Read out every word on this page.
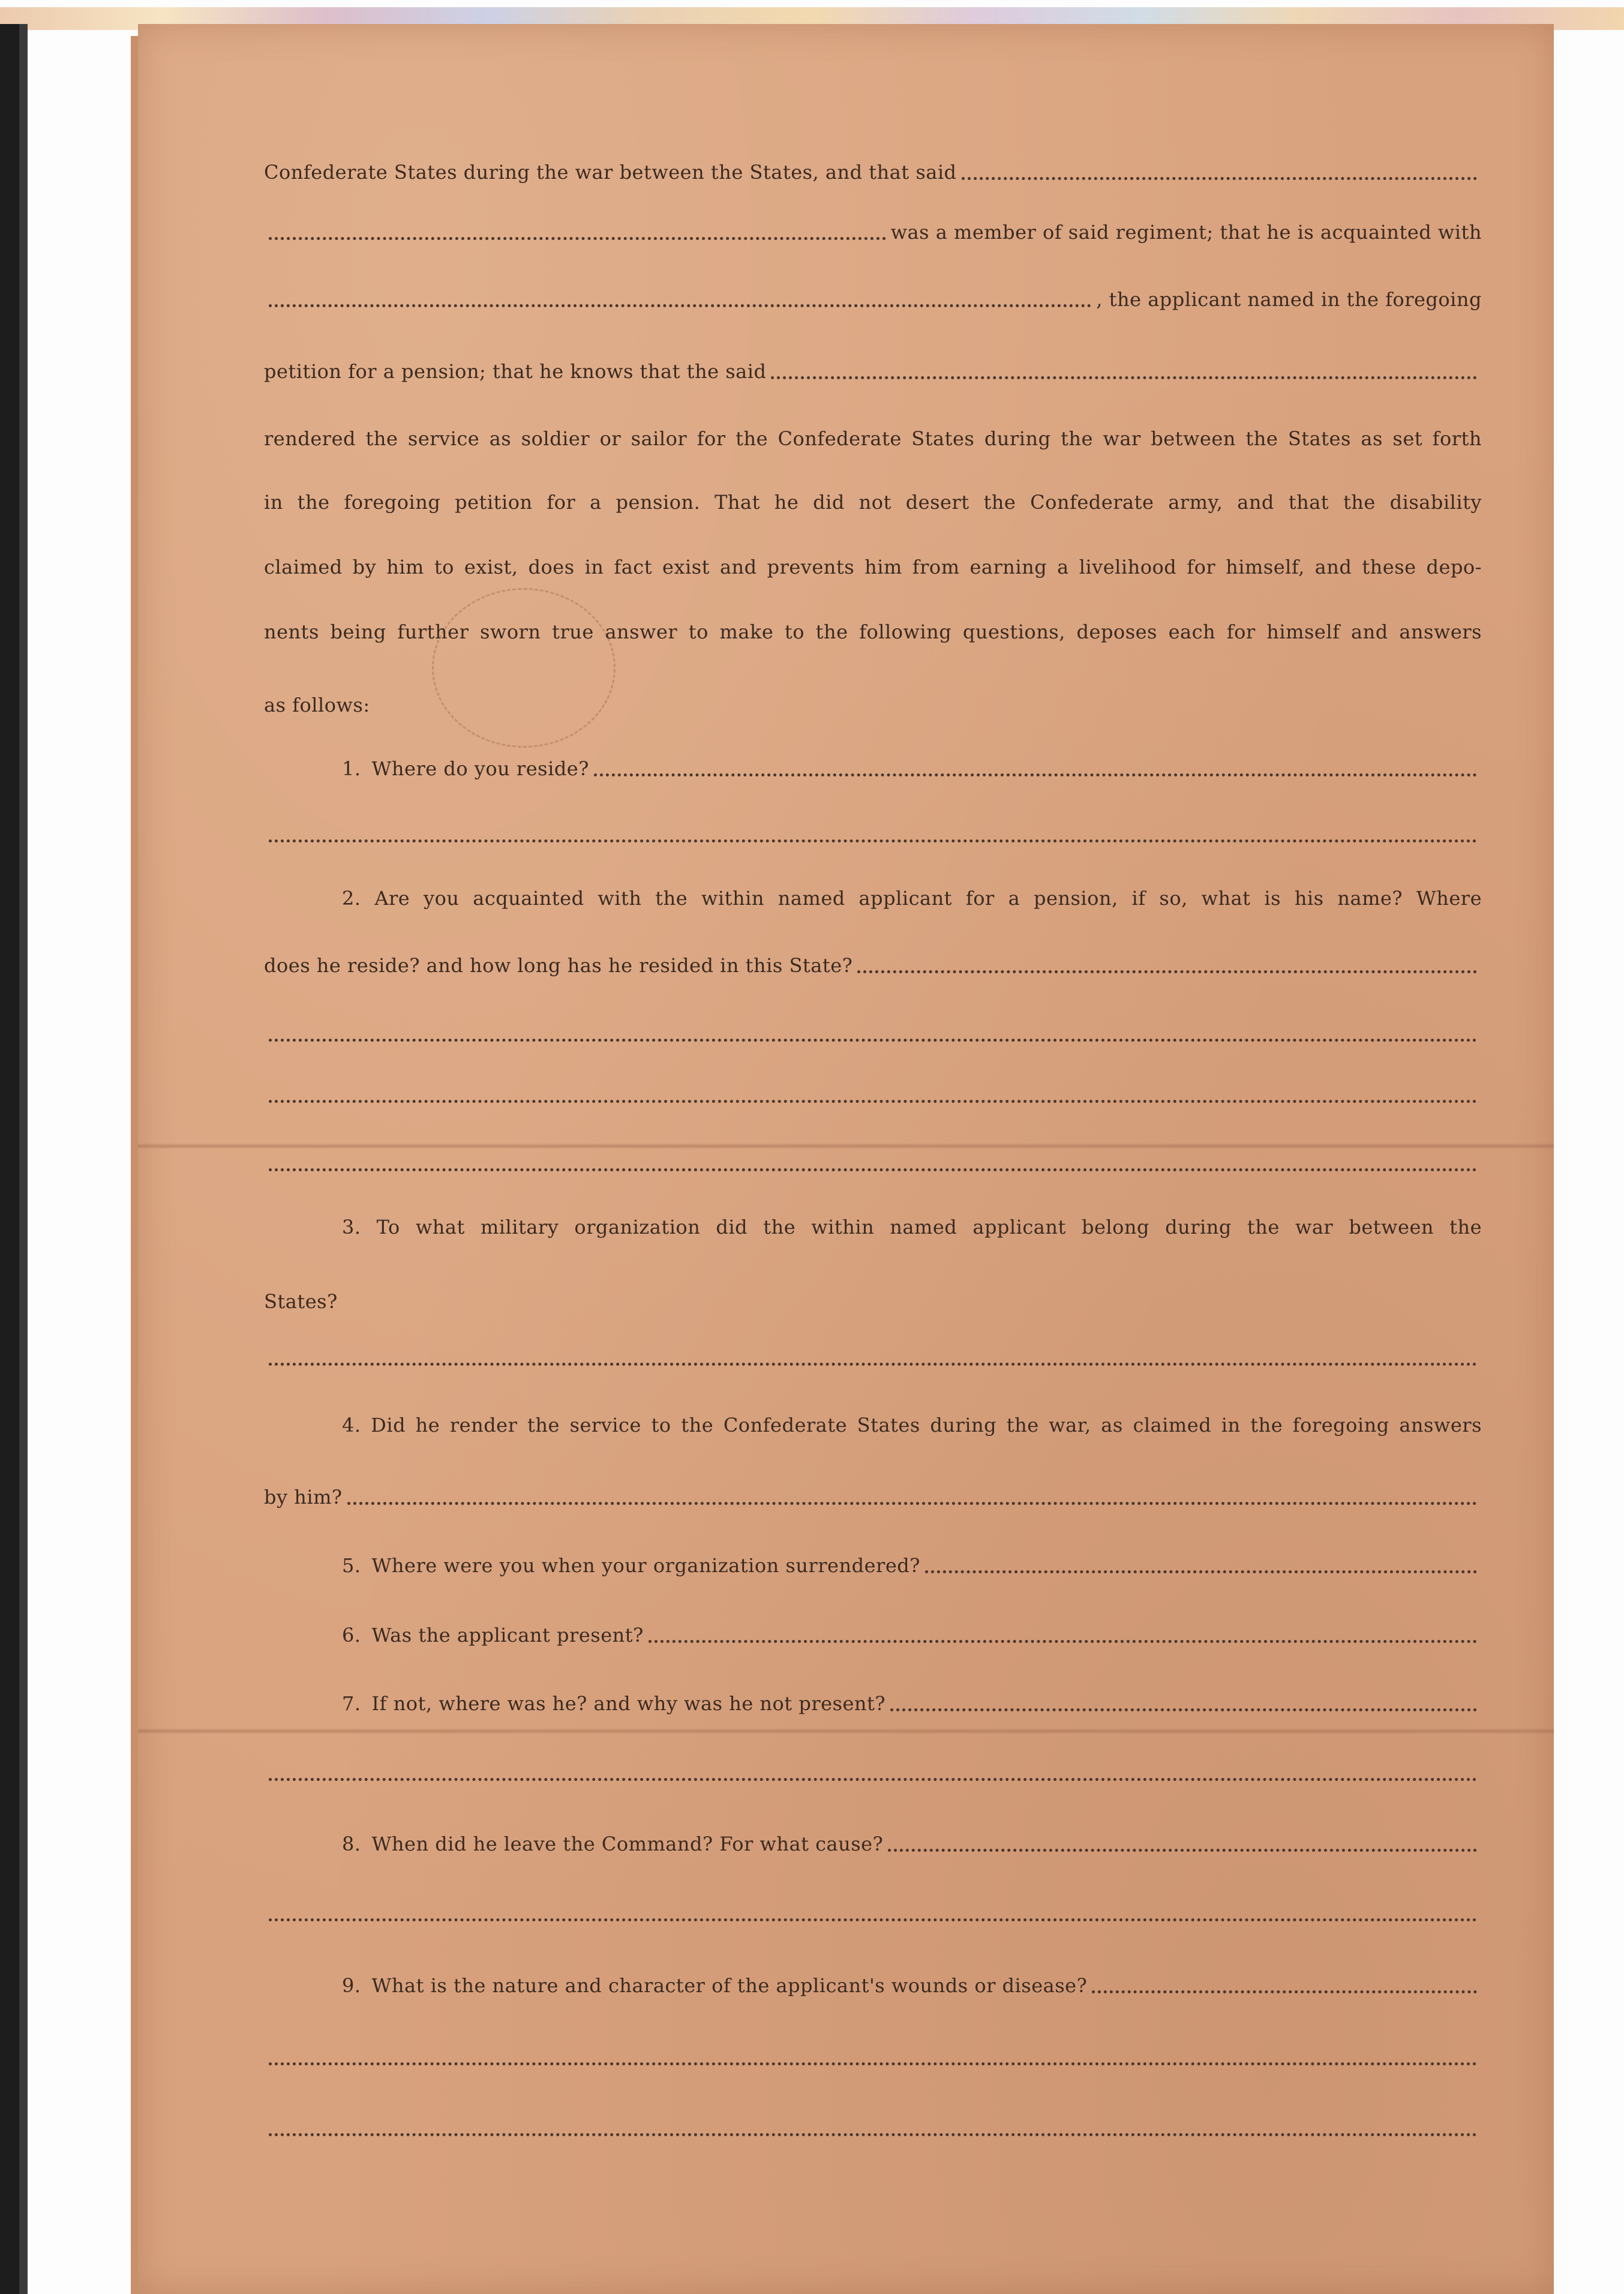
Confederate States during the war between the States, and that said
was a member of said regiment; that he is acquainted with
, the applicant named in the foregoing
petition for a pension; that he knows that the said
rendered the service as soldier or sailor for the Confederate States during the war between the States as set forth
in the foregoing petition for a pension. That he did not desert the Confederate army, and that the disability
claimed by him to exist, does in fact exist and prevents him from earning a livelihood for himself, and these depo-
nents being further sworn true answer to make to the following questions, deposes each for himself and answers
as follows:
1. Where do you reside?
2. Are you acquainted with the within named applicant for a pension, if so, what is his name? Where
does he reside? and how long has he resided in this State?
3. To what military organization did the within named applicant belong during the war between the
States?
4. Did he render the service to the Confederate States during the war, as claimed in the foregoing answers
by him?
5. Where were you when your organization surrendered?
6. Was the applicant present?
7. If not, where was he? and why was he not present?
8. When did he leave the Command? For what cause?
9. What is the nature and character of the applicant's wounds or disease?
